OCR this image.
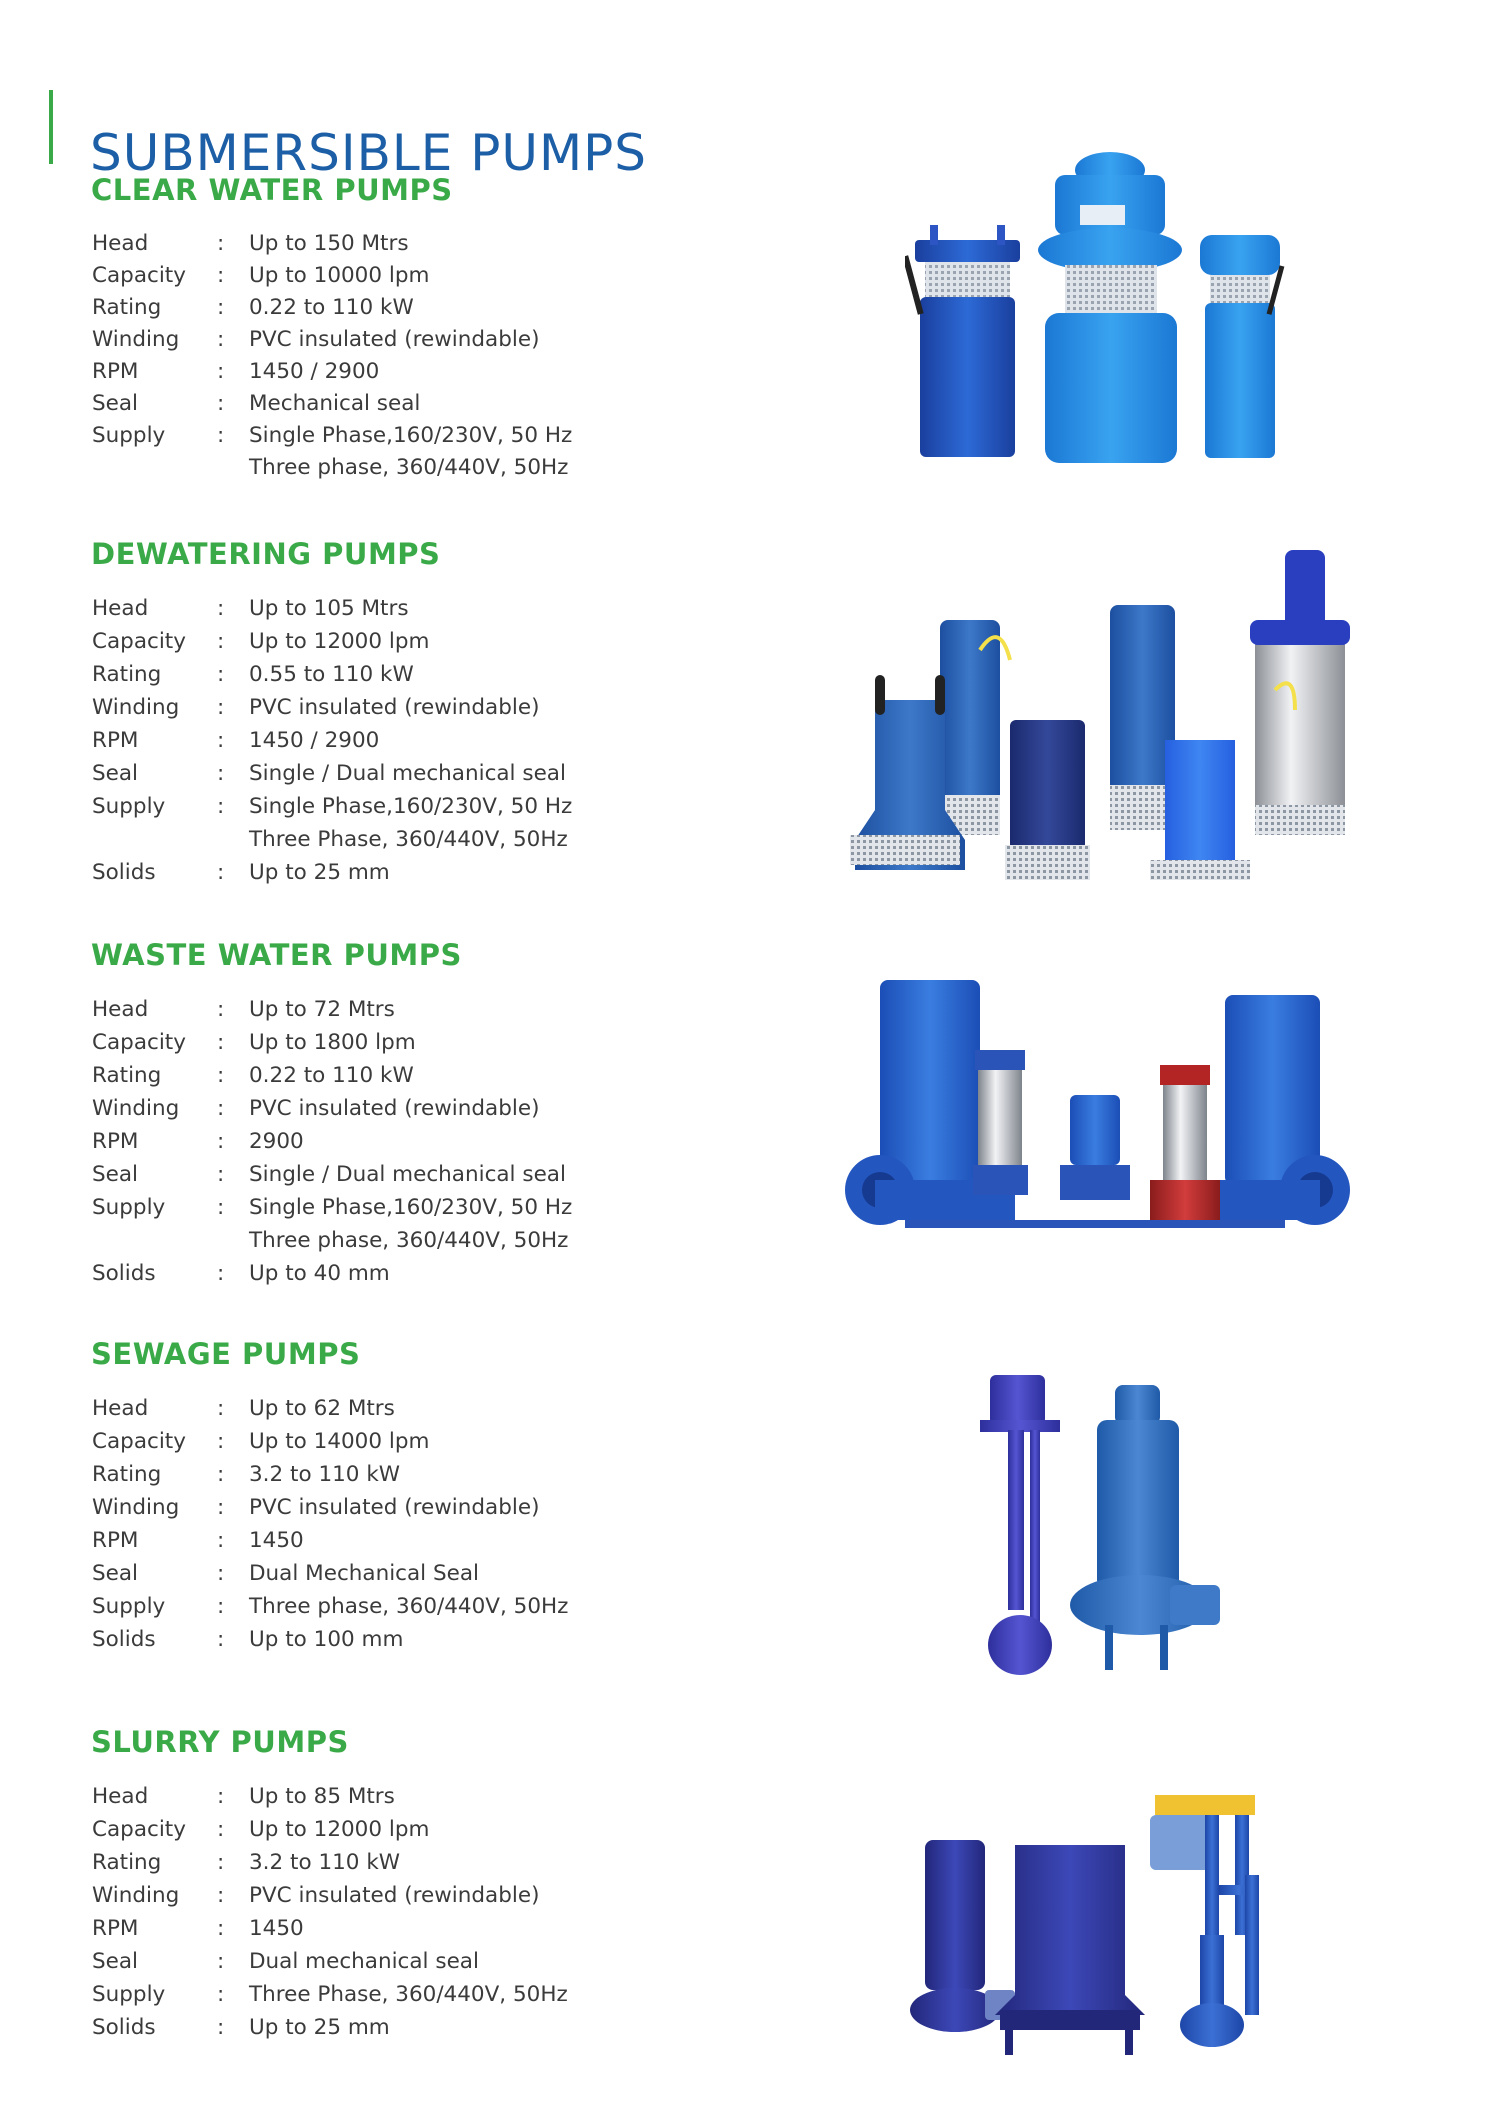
SUBMERSIBLE PUMPS
CLEAR WATER PUMPS
Head	: Up to 150 Mtrs
Capacity : Up to 10000 lpm
Rating	: 0.22 to 110 kW
Winding : PVC insulated (rewindable)
RPM	: 1450 / 2900
Seal	: Mechanical seal
Supply : Single Phase,160/230V, 50 Hz
Three phase, 360/440V, 50Hz
DEWATERING PUMPS
Head	: Up to 105 Mtrs
Capacity : Up to 12000 lpm
Rating	: 0.55 to 110 kW
Winding : PVC insulated (rewindable)
RPM	: 1450 / 2900
Seal	: Single / Dual mechanical seal
Supply : Single Phase,160/230V, 50 Hz
Three Phase, 360/440V, 50Hz
Solids	: Up to 25 mm
WASTE WATER PUMPS
Head	: Up to 72 Mtrs
Capacity : Up to 1800 lpm
Rating	: 0.22 to 110 kW
Winding : PVC insulated (rewindable)
RPM	: 2900
Seal	: Single / Dual mechanical seal
Supply : Single Phase,160/230V, 50 Hz
Three phase, 360/440V, 50Hz
Solids	: Up to 40 mm
SEWAGE PUMPS
Head	: Up to 62 Mtrs
Capacity : Up to 14000 lpm
Rating	: 3.2 to 110 kW
Winding : PVC insulated (rewindable)
RPM	: 1450
Seal	: Dual Mechanical Seal
Supply : Three phase, 360/440V, 50Hz
Solids	: Up to 100 mm
SLURRY PUMPS
Head	: Up to 85 Mtrs
Capacity : Up to 12000 lpm
Rating	: 3.2 to 110 kW
Winding : PVC insulated (rewindable)
RPM	: 1450
Seal	: Dual mechanical seal
Supply : Three Phase, 360/440V, 50Hz
Solids	: Up to 25 mm
